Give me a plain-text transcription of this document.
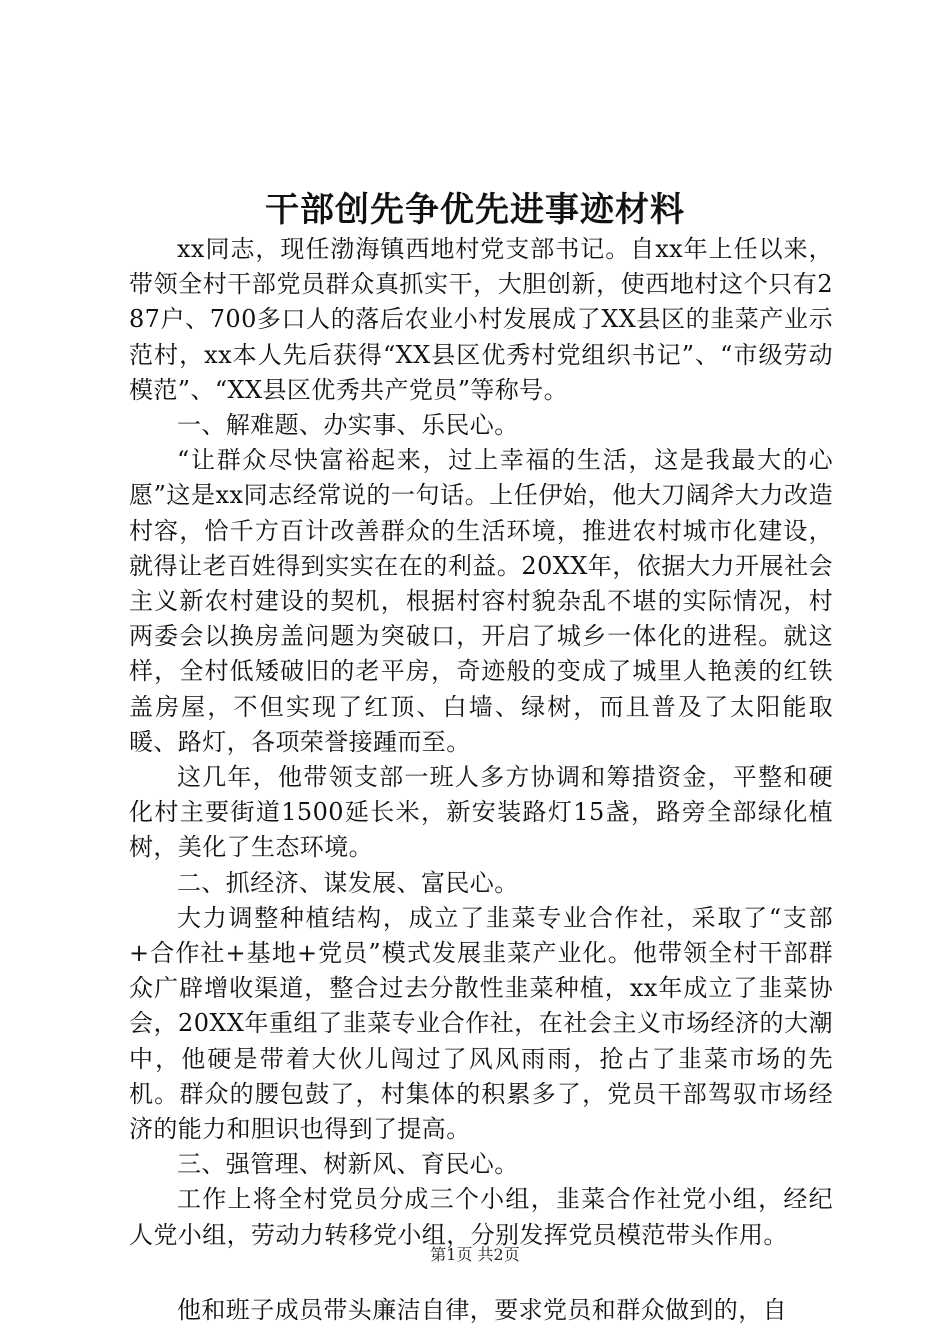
干部创先争优先进事迹材料

xx同志，现任渤海镇西地村党支部书记。自xx年上任以来，带领全村干部党员群众真抓实干，大胆创新，使西地村这个只有287户、700多口人的落后农业小村发展成了XX县区的韭菜产业示范村，xx本人先后获得“XX县区优秀村党组织书记”、“市级劳动模范”、“XX县区优秀共产党员”等称号。

一、解难题、办实事、乐民心。

“让群众尽快富裕起来，过上幸福的生活，这是我最大的心愿”这是xx同志经常说的一句话。上任伊始，他大刀阔斧大力改造村容，恰千方百计改善群众的生活环境，推进农村城市化建设，就得让老百姓得到实实在在的利益。20XX年，依据大力开展社会主义新农村建设的契机，根据村容村貌杂乱不堪的实际情况，村两委会以换房盖问题为突破口，开启了城乡一体化的进程。就这样，全村低矮破旧的老平房，奇迹般的变成了城里人艳羡的红铁盖房屋，不但实现了红顶、白墙、绿树，而且普及了太阳能取暖、路灯，各项荣誉接踵而至。

这几年，他带领支部一班人多方协调和筹措资金，平整和硬化村主要街道1500延长米，新安装路灯15盏，路旁全部绿化植树，美化了生态环境。

二、抓经济、谋发展、富民心。

大力调整种植结构，成立了韭菜专业合作社，采取了“支部+合作社+基地+党员”模式发展韭菜产业化。他带领全村干部群众广辟增收渠道，整合过去分散性韭菜种植，xx年成立了韭菜协会，20XX年重组了韭菜专业合作社，在社会主义市场经济的大潮中，他硬是带着大伙儿闯过了风风雨雨，抢占了韭菜市场的先机。群众的腰包鼓了，村集体的积累多了，党员干部驾驭市场经济的能力和胆识也得到了提高。

三、强管理、树新风、育民心。

工作上将全村党员分成三个小组，韭菜合作社党小组，经纪人党小组，劳动力转移党小组，分别发挥党员模范带头作用。

他和班子成员带头廉洁自律，要求党员和群众做到的，自

第1页 共2页
